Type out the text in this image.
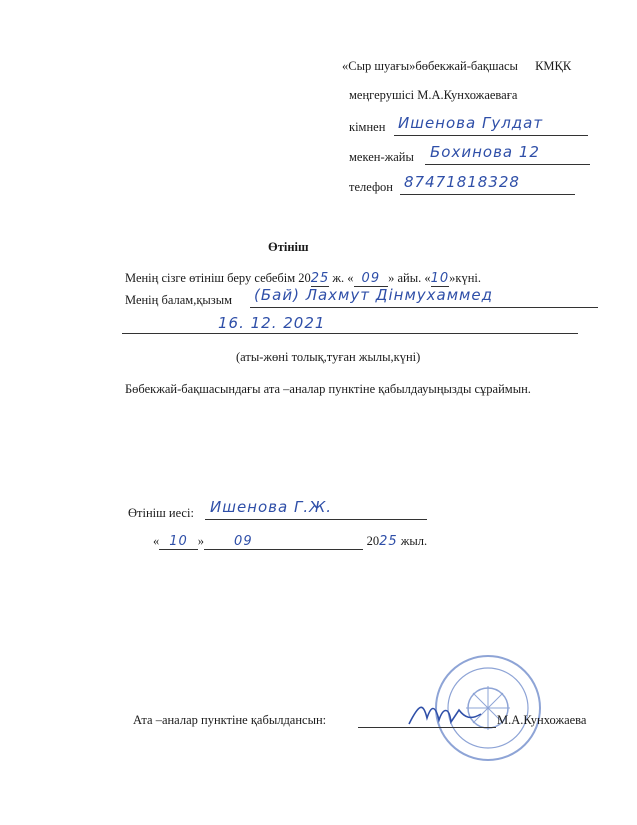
«Сыр шуағы»бөбекжай-бақшасы КМҚК
меңгерушісі М.А.Кунхожаеваға
кімнен Ишенова Гулдат
мекен-жайы Бохинова 12
телефон 87471818328
Өтініш
Менің сізге өтініш беру себебім 2025 ж. « 09 » айы. «10»күні.
Менің балам,қызым (Бай) Лахмут Дінмухаммед
16. 12. 2021
(аты-жөні толық,туған жылы,күні)
Бөбекжай-бақшасындағы ата –аналар пунктіне қабылдауыңызды сұраймын.
Өтініш иесі: Ишенова Г.Ж.
« 10 » 09	2025 жыл.
Ата –аналар пунктіне қабылдансын:	М.А.Кунхожаева
